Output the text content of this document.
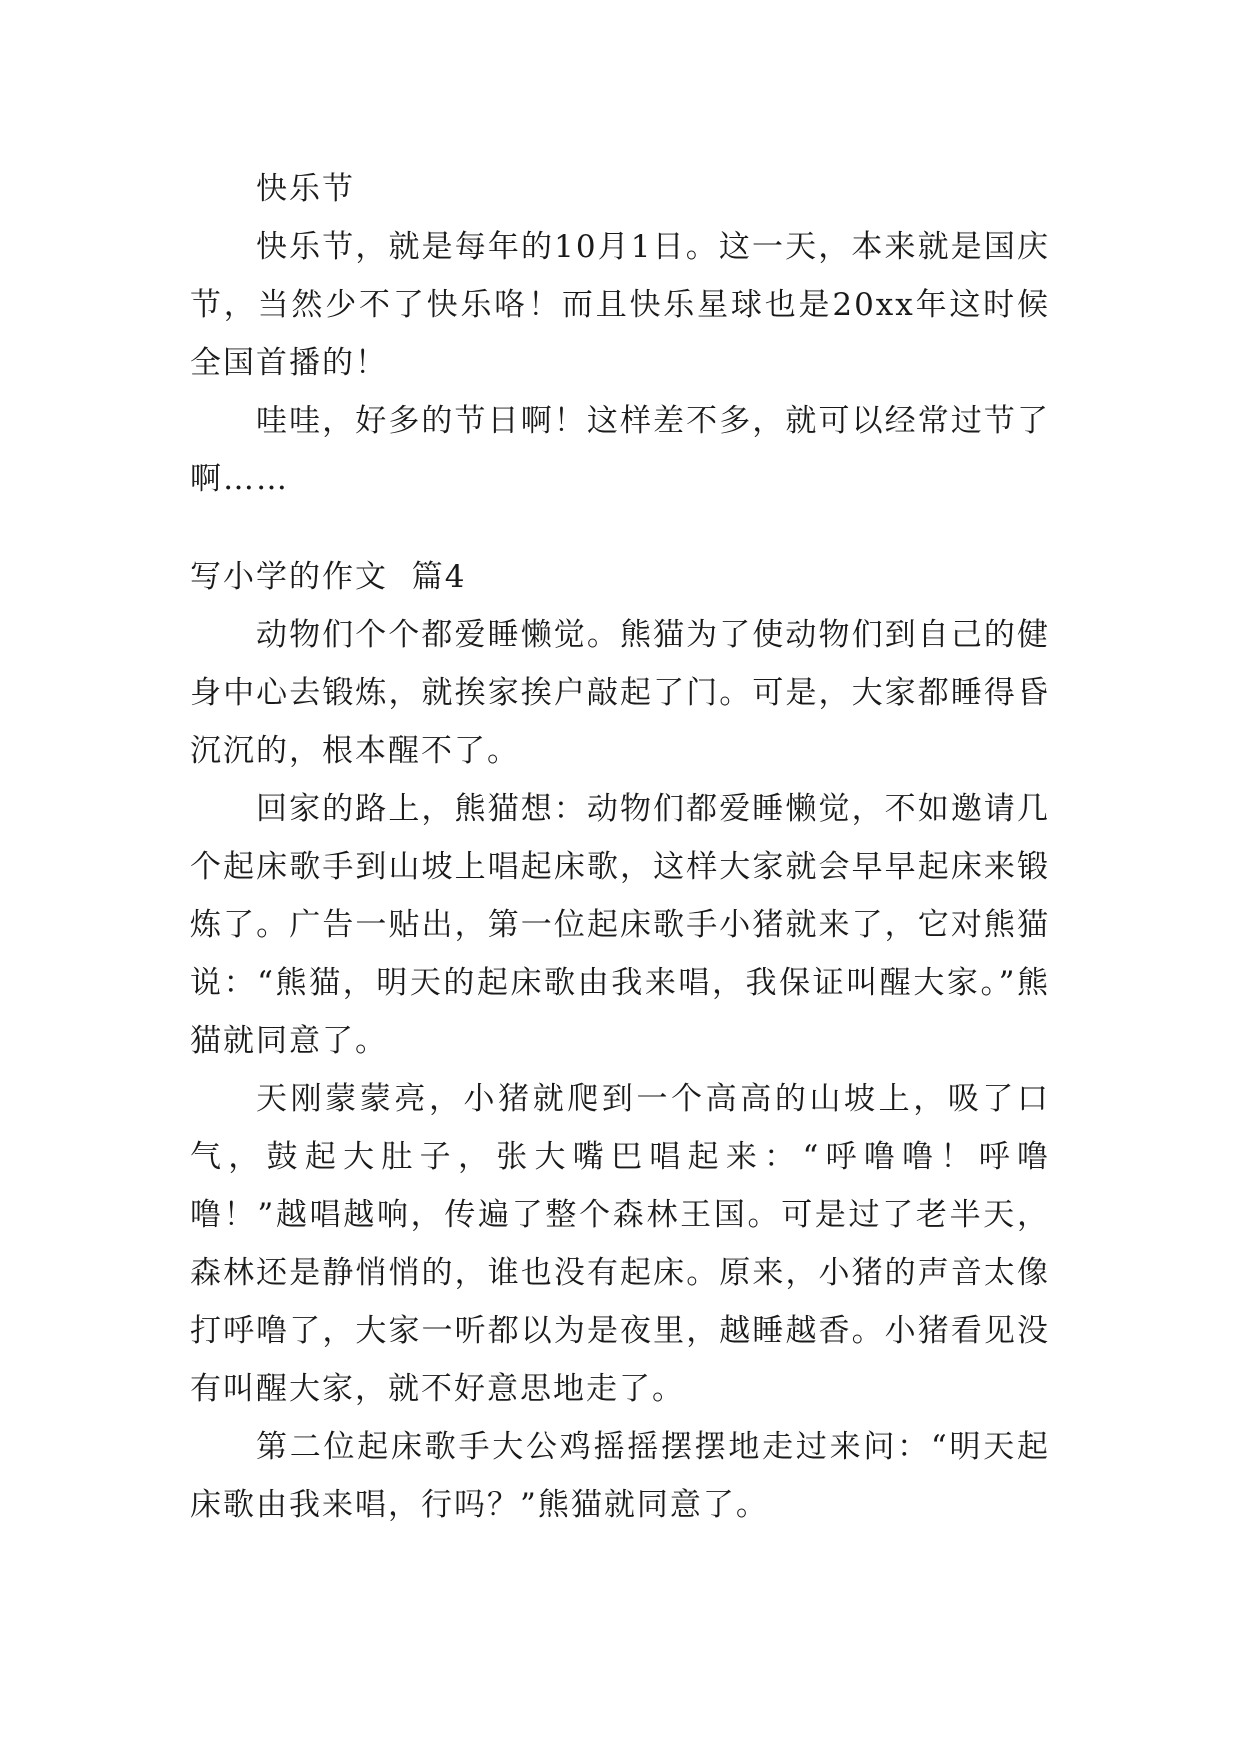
快乐节

快乐节，就是每年的10月1日。这一天，本来就是国庆节，当然少不了快乐咯！而且快乐星球也是20xx年这时候全国首播的！

哇哇，好多的节日啊！这样差不多，就可以经常过节了啊……

写小学的作文  篇4

动物们个个都爱睡懒觉。熊猫为了使动物们到自己的健身中心去锻炼，就挨家挨户敲起了门。可是，大家都睡得昏沉沉的，根本醒不了。

回家的路上，熊猫想：动物们都爱睡懒觉，不如邀请几个起床歌手到山坡上唱起床歌，这样大家就会早早起床来锻炼了。广告一贴出，第一位起床歌手小猪就来了，它对熊猫说：“熊猫，明天的起床歌由我来唱，我保证叫醒大家。”熊猫就同意了。

天刚蒙蒙亮，小猪就爬到一个高高的山坡上，吸了口气，鼓起大肚子，张大嘴巴唱起来：“呼噜噜！呼噜噜！”越唱越响，传遍了整个森林王国。可是过了老半天，森林还是静悄悄的，谁也没有起床。原来，小猪的声音太像打呼噜了，大家一听都以为是夜里，越睡越香。小猪看见没有叫醒大家，就不好意思地走了。

第二位起床歌手大公鸡摇摇摆摆地走过来问：“明天起床歌由我来唱，行吗？”熊猫就同意了。
